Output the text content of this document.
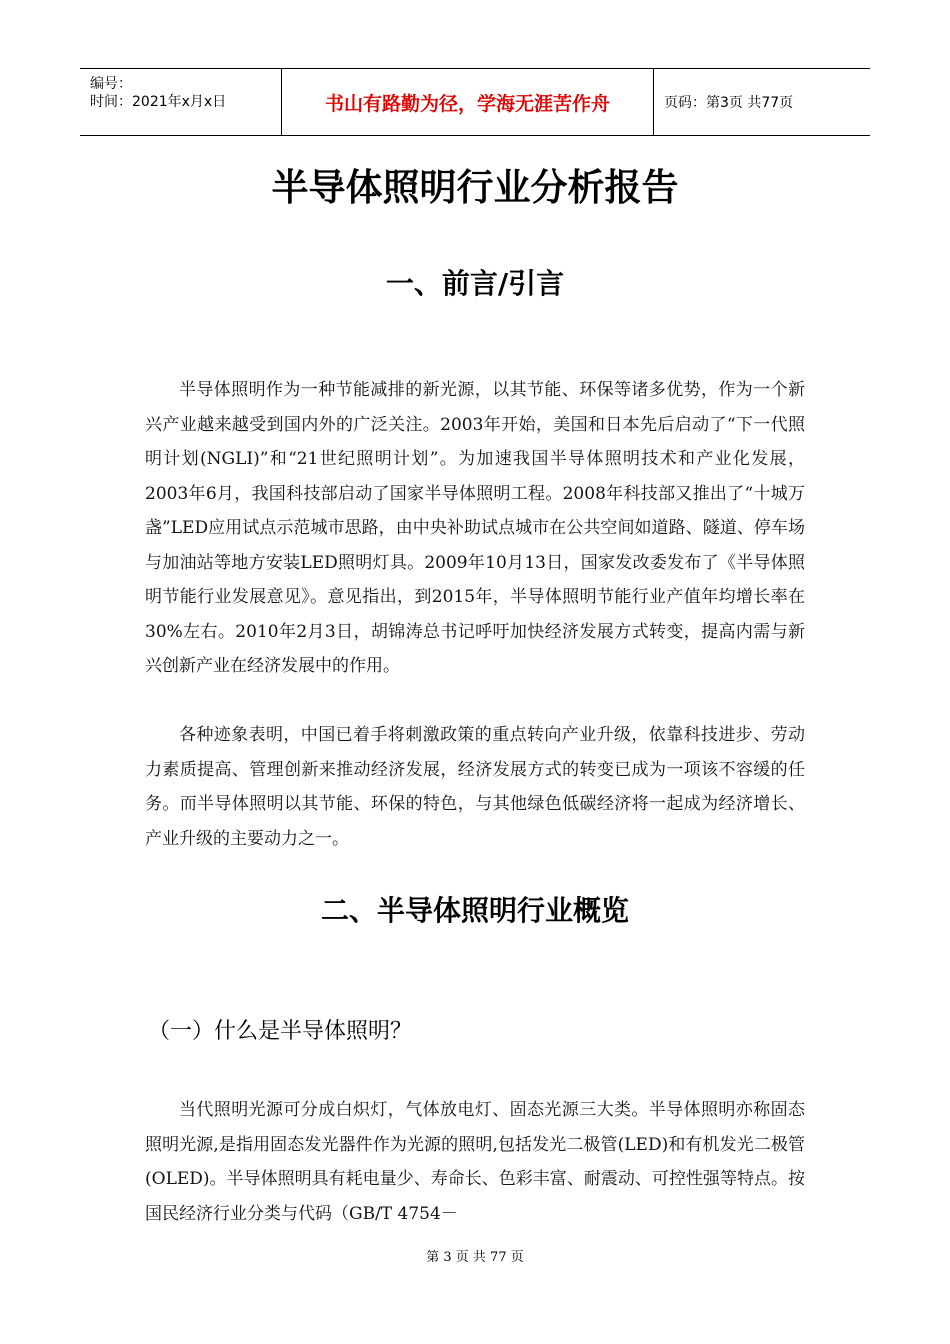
编号：
时间：2021年x月x日	书山有路勤为径，学海无涯苦作舟	页码：第3页 共77页
半导体照明行业分析报告
一、前言/引言

半导体照明作为一种节能减排的新光源，以其节能、环保等诸多优势，作为一个新兴产业越来越受到国内外的广泛关注。2003年开始，美国和日本先后启动了“下一代照明计划(NGLI)”和“21世纪照明计划”。为加速我国半导体照明技术和产业化发展，2003年6月，我国科技部启动了国家半导体照明工程。2008年科技部又推出了“十城万盏”LED应用试点示范城市思路，由中央补助试点城市在公共空间如道路、隧道、停车场与加油站等地方安装LED照明灯具。2009年10月13日，国家发改委发布了《半导体照明节能行业发展意见》。意见指出，到2015年，半导体照明节能行业产值年均增长率在30%左右。2010年2月3日，胡锦涛总书记呼吁加快经济发展方式转变，提高内需与新兴创新产业在经济发展中的作用。

各种迹象表明，中国已着手将刺激政策的重点转向产业升级，依靠科技进步、劳动力素质提高、管理创新来推动经济发展，经济发展方式的转变已成为一项该不容缓的任务。而半导体照明以其节能、环保的特色，与其他绿色低碳经济将一起成为经济增长、产业升级的主要动力之一。

二、半导体照明行业概览
（一）什么是半导体照明？

当代照明光源可分成白炽灯，气体放电灯、固态光源三大类。半导体照明亦称固态照明光源,是指用固态发光器件作为光源的照明,包括发光二极管(LED)和有机发光二极管(OLED)。半导体照明具有耗电量少、寿命长、色彩丰富、耐震动、可控性强等特点。按国民经济行业分类与代码（GB/T 4754－

第 3 页 共 77 页
